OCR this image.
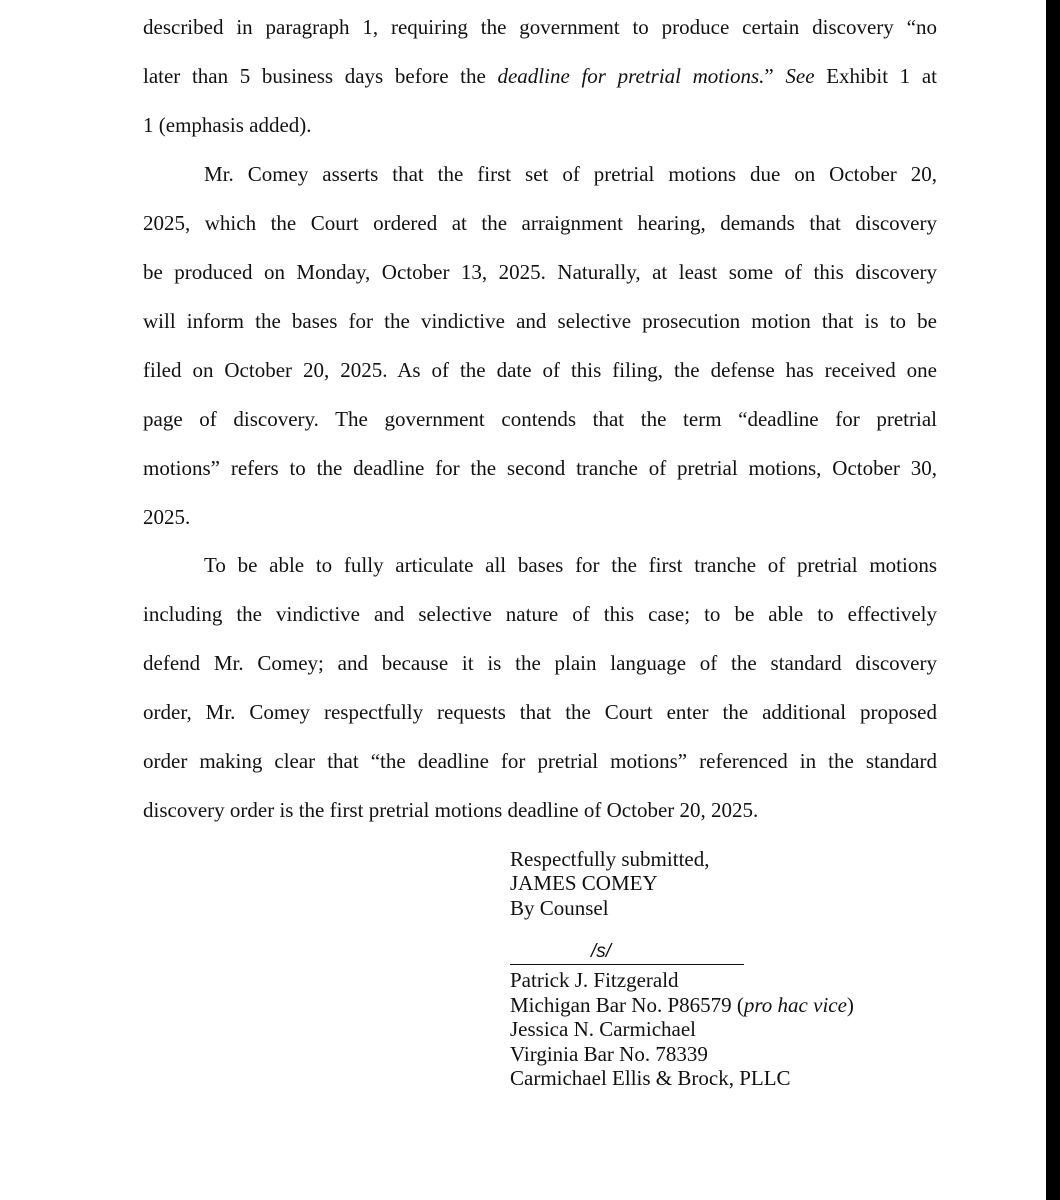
described in paragraph 1, requiring the government to produce certain discovery “no

later than 5 business days before the deadline for pretrial motions.” See Exhibit 1 at

1 (emphasis added).

Mr. Comey asserts that the first set of pretrial motions due on October 20,

2025, which the Court ordered at the arraignment hearing, demands that discovery

be produced on Monday, October 13, 2025. Naturally, at least some of this discovery

will inform the bases for the vindictive and selective prosecution motion that is to be

filed on October 20, 2025. As of the date of this filing, the defense has received one

page of discovery. The government contends that the term “deadline for pretrial

motions” refers to the deadline for the second tranche of pretrial motions, October 30,

2025.

To be able to fully articulate all bases for the first tranche of pretrial motions

including the vindictive and selective nature of this case; to be able to effectively

defend Mr. Comey; and because it is the plain language of the standard discovery

order, Mr. Comey respectfully requests that the Court enter the additional proposed

order making clear that “the deadline for pretrial motions” referenced in the standard

discovery order is the first pretrial motions deadline of October 20, 2025.

Respectfully submitted,

JAMES COMEY

By Counsel

/s/

Patrick J. Fitzgerald

Michigan Bar No. P86579 (pro hac vice)

Jessica N. Carmichael

Virginia Bar No. 78339

Carmichael Ellis & Brock, PLLC
